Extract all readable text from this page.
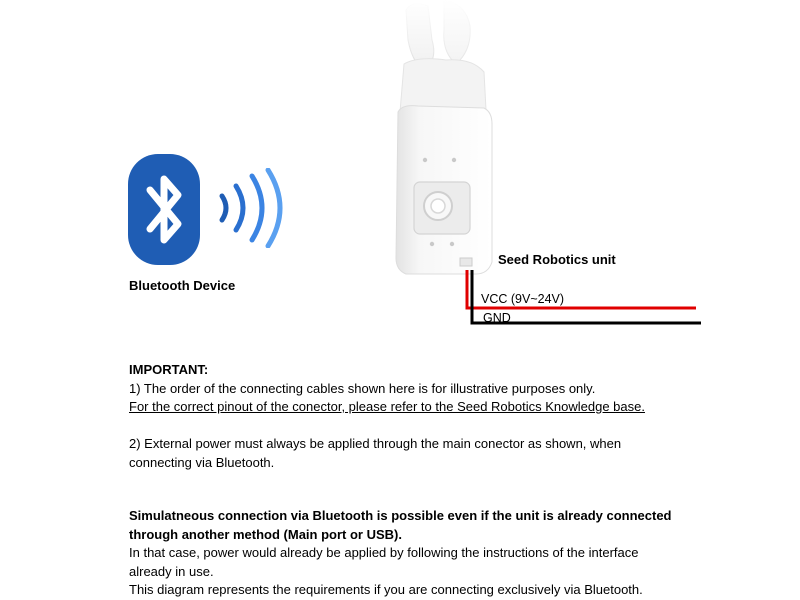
Bluetooth Device
Seed Robotics unit
VCC (9V~24V)
GND

IMPORTANT:

1) The order of the connecting cables shown here is for illustrative purposes only.

For the correct pinout of the conector, please refer to the Seed Robotics Knowledge base.

2) External power must always be applied through the main conector as shown, when

connecting via Bluetooth.

Simulatneous connection via Bluetooth is possible even if the unit is already connected

through another method (Main port or USB).

In that case, power would already be applied by following the instructions of the interface

already in use.

This diagram represents the requirements if you are connecting exclusively via Bluetooth.
